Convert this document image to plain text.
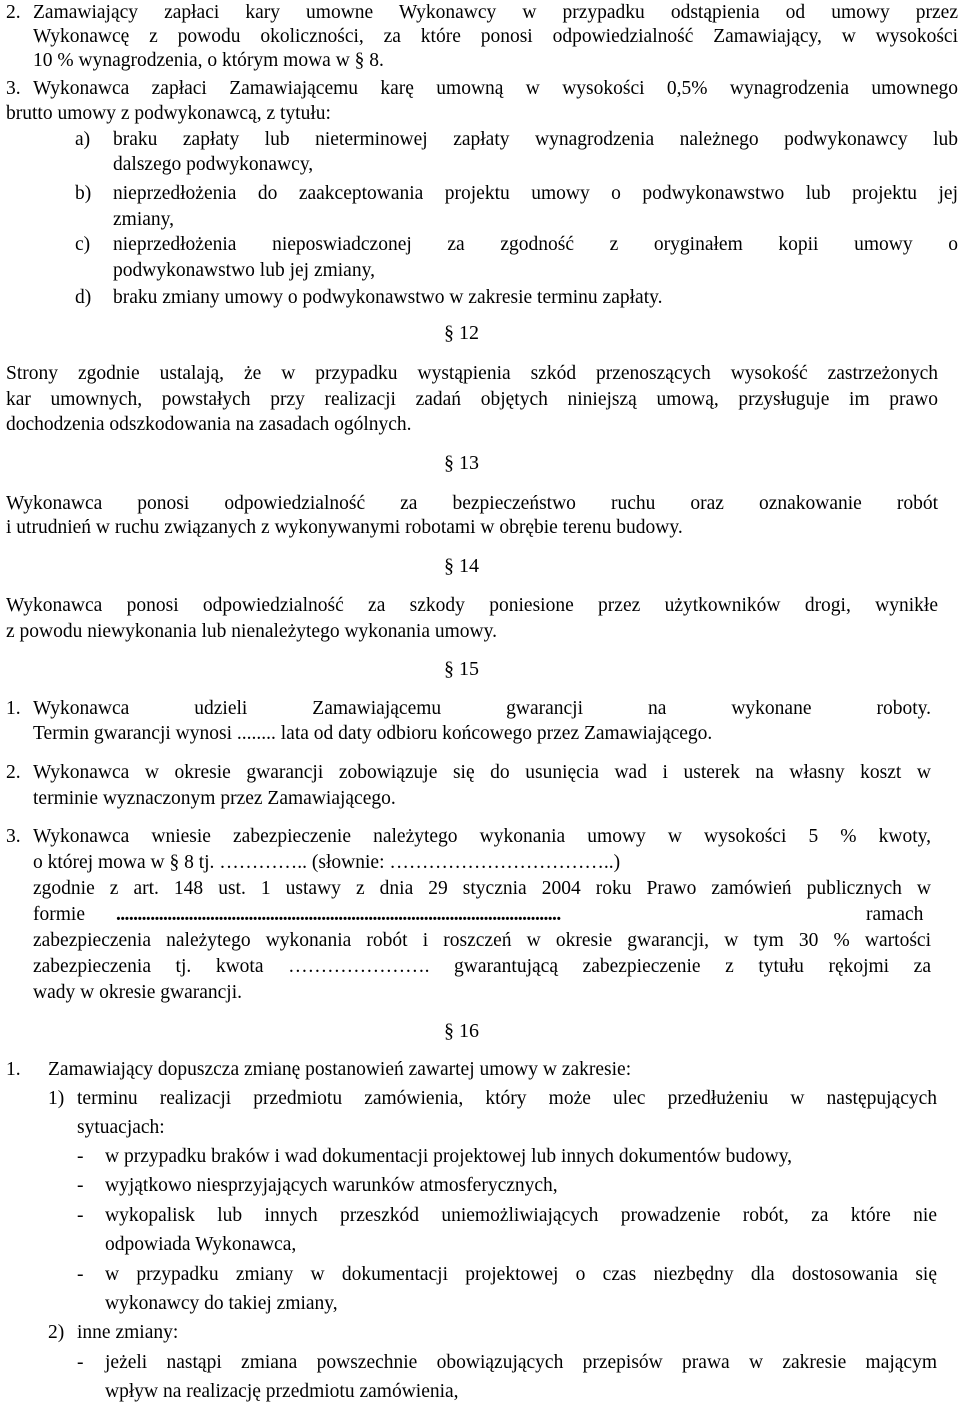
2. Zamawiający zapłaci kary umowne Wykonawcy w przypadku odstąpienia od umowy przez
Wykonawcę z powodu okoliczności, za które ponosi odpowiedzialność Zamawiający, w wysokości
10 % wynagrodzenia, o którym mowa w § 8.
3. Wykonawca zapłaci Zamawiającemu karę umowną w wysokości 0,5% wynagrodzenia umownego
brutto umowy z podwykonawcą, z tytułu:
a) braku zapłaty lub nieterminowej zapłaty wynagrodzenia należnego podwykonawcy lub
dalszego podwykonawcy,
b) nieprzedłożenia do zaakceptowania projektu umowy o podwykonawstwo lub projektu jej
zmiany,
c) nieprzedłożenia nieposwiadczonej za zgodność z oryginałem kopii umowy o
podwykonawstwo lub jej zmiany,
d) braku zmiany umowy o podwykonawstwo w zakresie terminu zapłaty.
§ 12
Strony zgodnie ustalają, że w przypadku wystąpienia szkód przenoszących wysokość zastrzeżonych
kar umownych, powstałych przy realizacji zadań objętych niniejszą umową, przysługuje im prawo
dochodzenia odszkodowania na zasadach ogólnych.
§ 13
Wykonawca ponosi odpowiedzialność za bezpieczeństwo ruchu oraz oznakowanie robót
i utrudnień w ruchu związanych z wykonywanymi robotami w obrębie terenu budowy.
§ 14
Wykonawca ponosi odpowiedzialność za szkody poniesione przez użytkowników drogi, wynikłe
z powodu niewykonania lub nienależytego wykonania umowy.
§ 15
1. Wykonawca udzieli Zamawiającemu gwarancji na wykonane roboty.
Termin gwarancji wynosi ........ lata od daty odbioru końcowego przez Zamawiającego.
2. Wykonawca w okresie gwarancji zobowiązuje się do usunięcia wad i usterek na własny koszt w
terminie wyznaczonym przez Zamawiającego.
3. Wykonawca wniesie zabezpieczenie należytego wykonania umowy w wysokości 5 % kwoty,
o której mowa w § 8 tj. ………….. (słownie: ……………………………..)
zgodnie z art. 148 ust. 1 ustawy z dnia 29 stycznia 2004 roku Prawo zamówień publicznych w
formie ........................................................................................................	ramach
zabezpieczenia należytego wykonania robót i roszczeń w okresie gwarancji, w tym 30 % wartości
zabezpieczenia tj. kwota …………………. gwarantującą zabezpieczenie z tytułu rękojmi za
wady w okresie gwarancji.
§ 16
1. Zamawiający dopuszcza zmianę postanowień zawartej umowy w zakresie:
1) terminu realizacji przedmiotu zamówienia, który może ulec przedłużeniu w następujących
sytuacjach:
- w przypadku braków i wad dokumentacji projektowej lub innych dokumentów budowy,
- wyjątkowo niesprzyjających warunków atmosferycznych,
- wykopalisk lub innych przeszkód uniemożliwiających prowadzenie robót, za które nie
odpowiada Wykonawca,
- w przypadku zmiany w dokumentacji projektowej o czas niezbędny dla dostosowania się
wykonawcy do takiej zmiany,
2) inne zmiany:
- jeżeli nastąpi zmiana powszechnie obowiązujących przepisów prawa w zakresie mającym
wpływ na realizację przedmiotu zamówienia,
